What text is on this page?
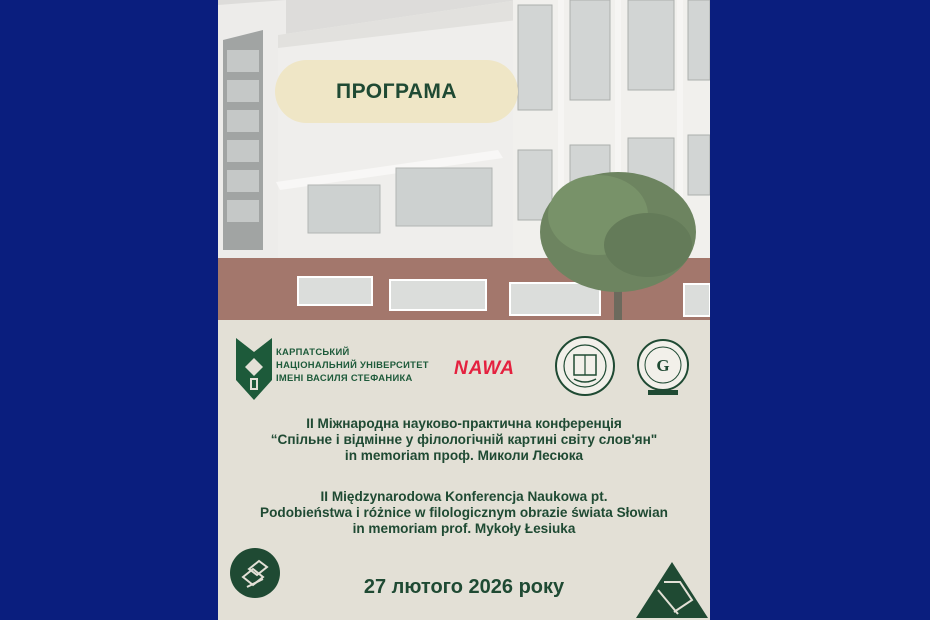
ПРОГРАМА
КАРПАТСЬКИЙ
НАЦІОНАЛЬНИЙ УНІВЕРСИТЕТ
ІМЕНІ ВАСИЛЯ СТЕФАНИКА	NAWA	G
ІІ Міжнародна науково-практична конференція
“Спільне і відмінне у філологічній картині світу слов'ян"
in memoriam проф. Миколи Лесюка
II Międzynarodowa Konferencja Naukowa pt.
Podobieństwa i różnice w filologicznym obrazie świata Słowian
in memoriam prof. Mykoły Łesiuka
27 лютого 2026 року
